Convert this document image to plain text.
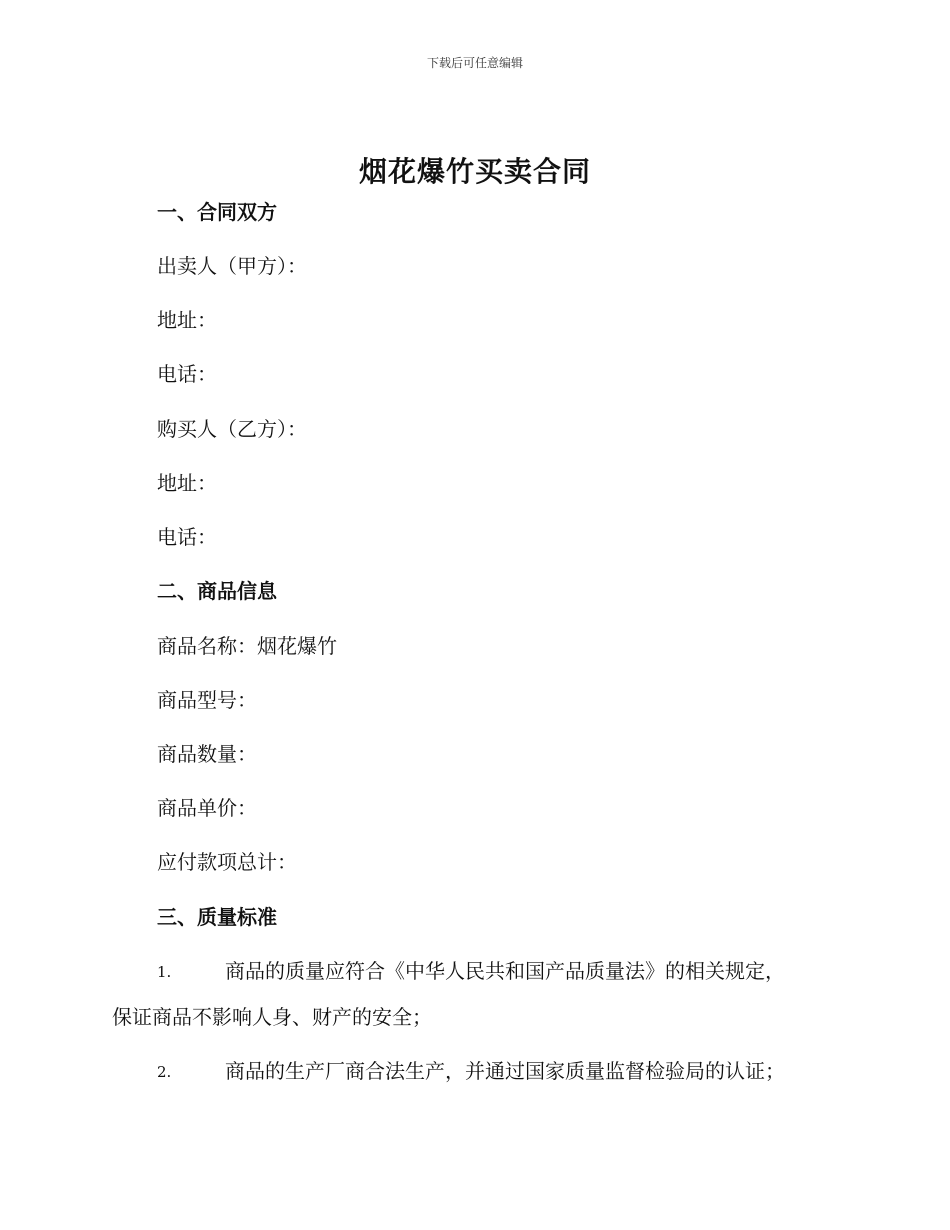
下载后可任意编辑
烟花爆竹买卖合同
一、合同双方
出卖人（甲方）：
地址：
电话：
购买人（乙方）：
地址：
电话：
二、商品信息
商品名称：烟花爆竹
商品型号：
商品数量：
商品单价：
应付款项总计：
三、质量标准
1.	商品的质量应符合《中华人民共和国产品质量法》的相关规定，
保证商品不影响人身、财产的安全；
2.	商品的生产厂商合法生产，并通过国家质量监督检验局的认证；
